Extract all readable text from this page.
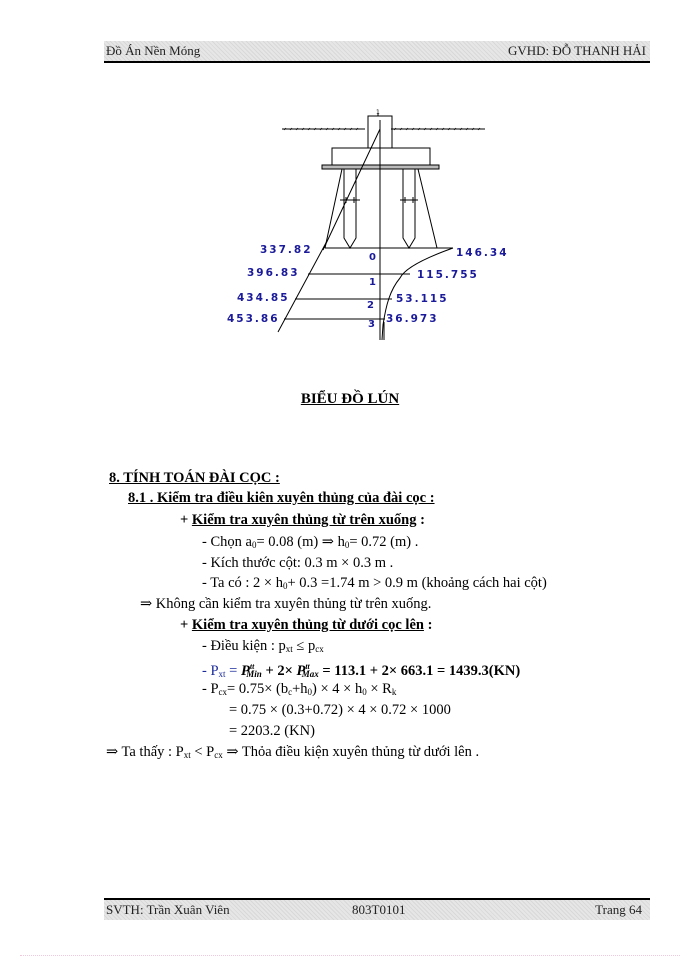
Đồ Án Nền Móng	GVHD: ĐỖ THANH HẢI
1
337.82
396.83
434.85
453.86
146.34
115.755
53.115
36.973
0
1
2
3
BIỂU ĐỒ LÚN
8. TÍNH TOÁN ĐÀI CỌC :
8.1 . Kiểm tra điều kiên xuyên thủng của đài cọc :
+ Kiểm tra xuyên thủng từ trên xuống :
- Chọn $a_0= 0.08$ (m) ⇒ $h_0= 0.72$ (m) .
- Kích thước cột: 0.3 m × 0.3 m .
- Ta có : $2 \times h_0+ 0.3 =1.74$ m > 0.9 m (khoảng cách hai cột)
⇒ Không cần kiểm tra xuyên thủng từ trên xuống.
+ Kiểm tra xuyên thủng từ dưới cọc lên :
- Điều kiện : $p_{xt} \le p_{cx}$
- $P_{xt} = P^{tt}_{Min} + 2\times P^{tt}_{Max} = 113.1 + 2\times 663.1 = 1439.3(KN)$
- $P_{cx}= 0.75\times (b_c+h_0) \times 4 \times h_0 \times R_k$
= 0.75 × (0.3+0.72) × 4 × 0.72 × 1000
= 2203.2 (KN)
⇒ Ta thấy : $P_{xt} < P_{cx}$ ⇒ Thỏa điều kiện xuyên thủng từ dưới lên .
SVTH: Trần Xuân Viên	803T0101	Trang 64
